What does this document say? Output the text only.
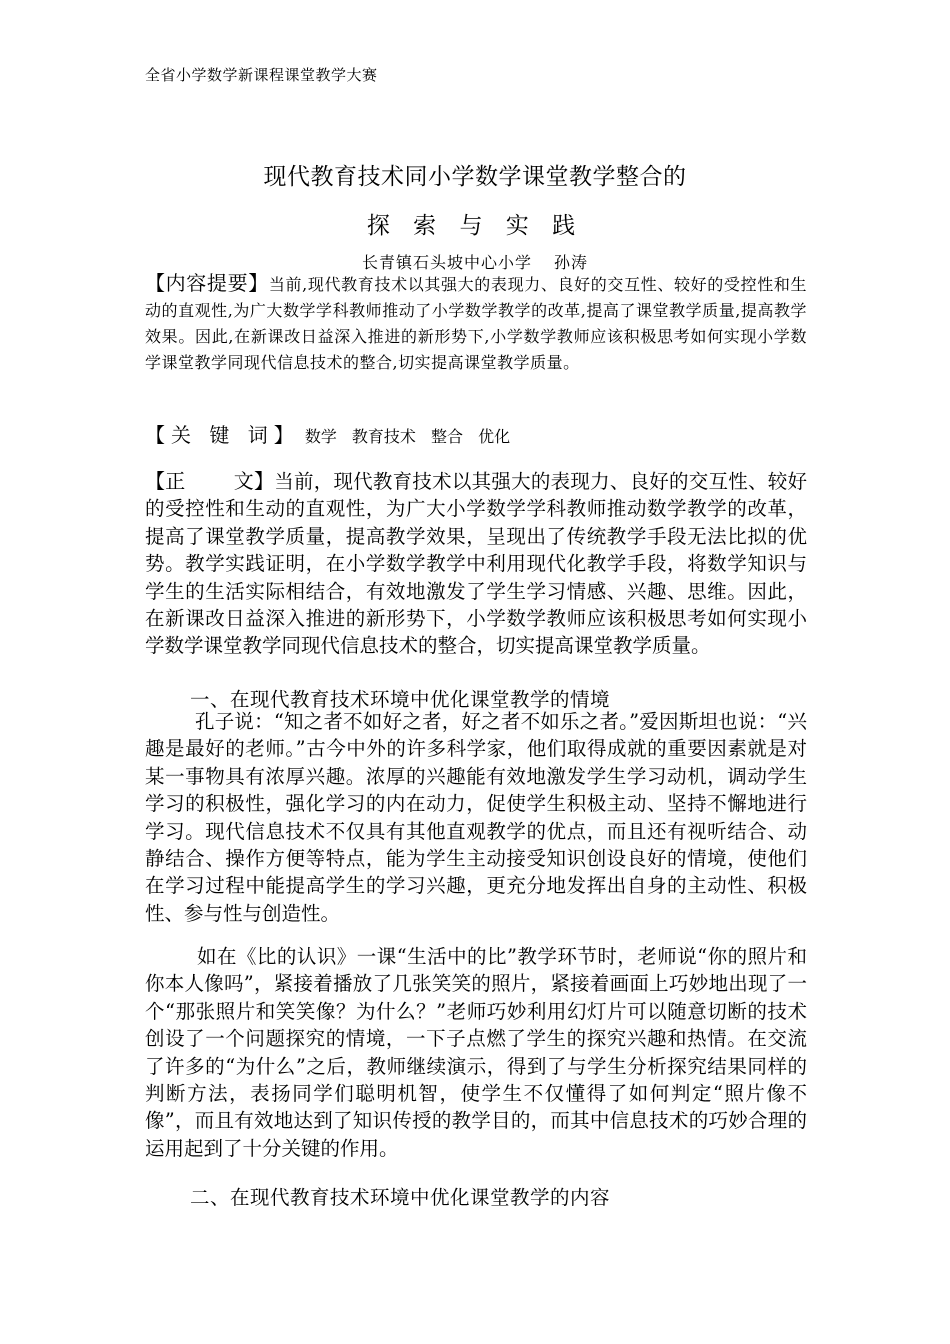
全省小学数学新课程课堂教学大赛
现代教育技术同小学数学课堂教学整合的
探 索 与 实 践
长青镇石头坡中心小学 孙涛
【内容提要】当前,现代教育技术以其强大的表现力、良好的交互性、较好的受控性和生动的直观性,为广大数学学科教师推动了小学数学教学的改革,提高了课堂教学质量,提高教学效果。因此,在新课改日益深入推进的新形势下,小学数学教师应该积极思考如何实现小学数学课堂教学同现代信息技术的整合,切实提高课堂教学质量。
【关 键 词】 数学 教育技术 整合 优化
【正 文】当前，现代教育技术以其强大的表现力、良好的交互性、较好的受控性和生动的直观性，为广大小学数学学科教师推动数学教学的改革，提高了课堂教学质量，提高教学效果，呈现出了传统教学手段无法比拟的优势。教学实践证明，在小学数学教学中利用现代化教学手段，将数学知识与学生的生活实际相结合，有效地激发了学生学习情感、兴趣、思维。因此，在新课改日益深入推进的新形势下，小学数学教师应该积极思考如何实现小学数学课堂教学同现代信息技术的整合，切实提高课堂教学质量。
一、在现代教育技术环境中优化课堂教学的情境
孔子说：“知之者不如好之者，好之者不如乐之者。”爱因斯坦也说：“兴趣是最好的老师。”古今中外的许多科学家，他们取得成就的重要因素就是对某一事物具有浓厚兴趣。浓厚的兴趣能有效地激发学生学习动机，调动学生学习的积极性，强化学习的内在动力，促使学生积极主动、坚持不懈地进行学习。现代信息技术不仅具有其他直观教学的优点，而且还有视听结合、动静结合、操作方便等特点，能为学生主动接受知识创设良好的情境，使他们在学习过程中能提高学生的学习兴趣，更充分地发挥出自身的主动性、积极性、参与性与创造性。
如在《比的认识》一课“生活中的比”教学环节时，老师说“你的照片和你本人像吗”，紧接着播放了几张笑笑的照片，紧接着画面上巧妙地出现了一个“那张照片和笑笑像？为什么？”老师巧妙利用幻灯片可以随意切断的技术创设了一个问题探究的情境，一下子点燃了学生的探究兴趣和热情。在交流了许多的“为什么”之后，教师继续演示，得到了与学生分析探究结果同样的判断方法，表扬同学们聪明机智，使学生不仅懂得了如何判定“照片像不像”，而且有效地达到了知识传授的教学目的，而其中信息技术的巧妙合理的运用起到了十分关键的作用。
二、在现代教育技术环境中优化课堂教学的内容
